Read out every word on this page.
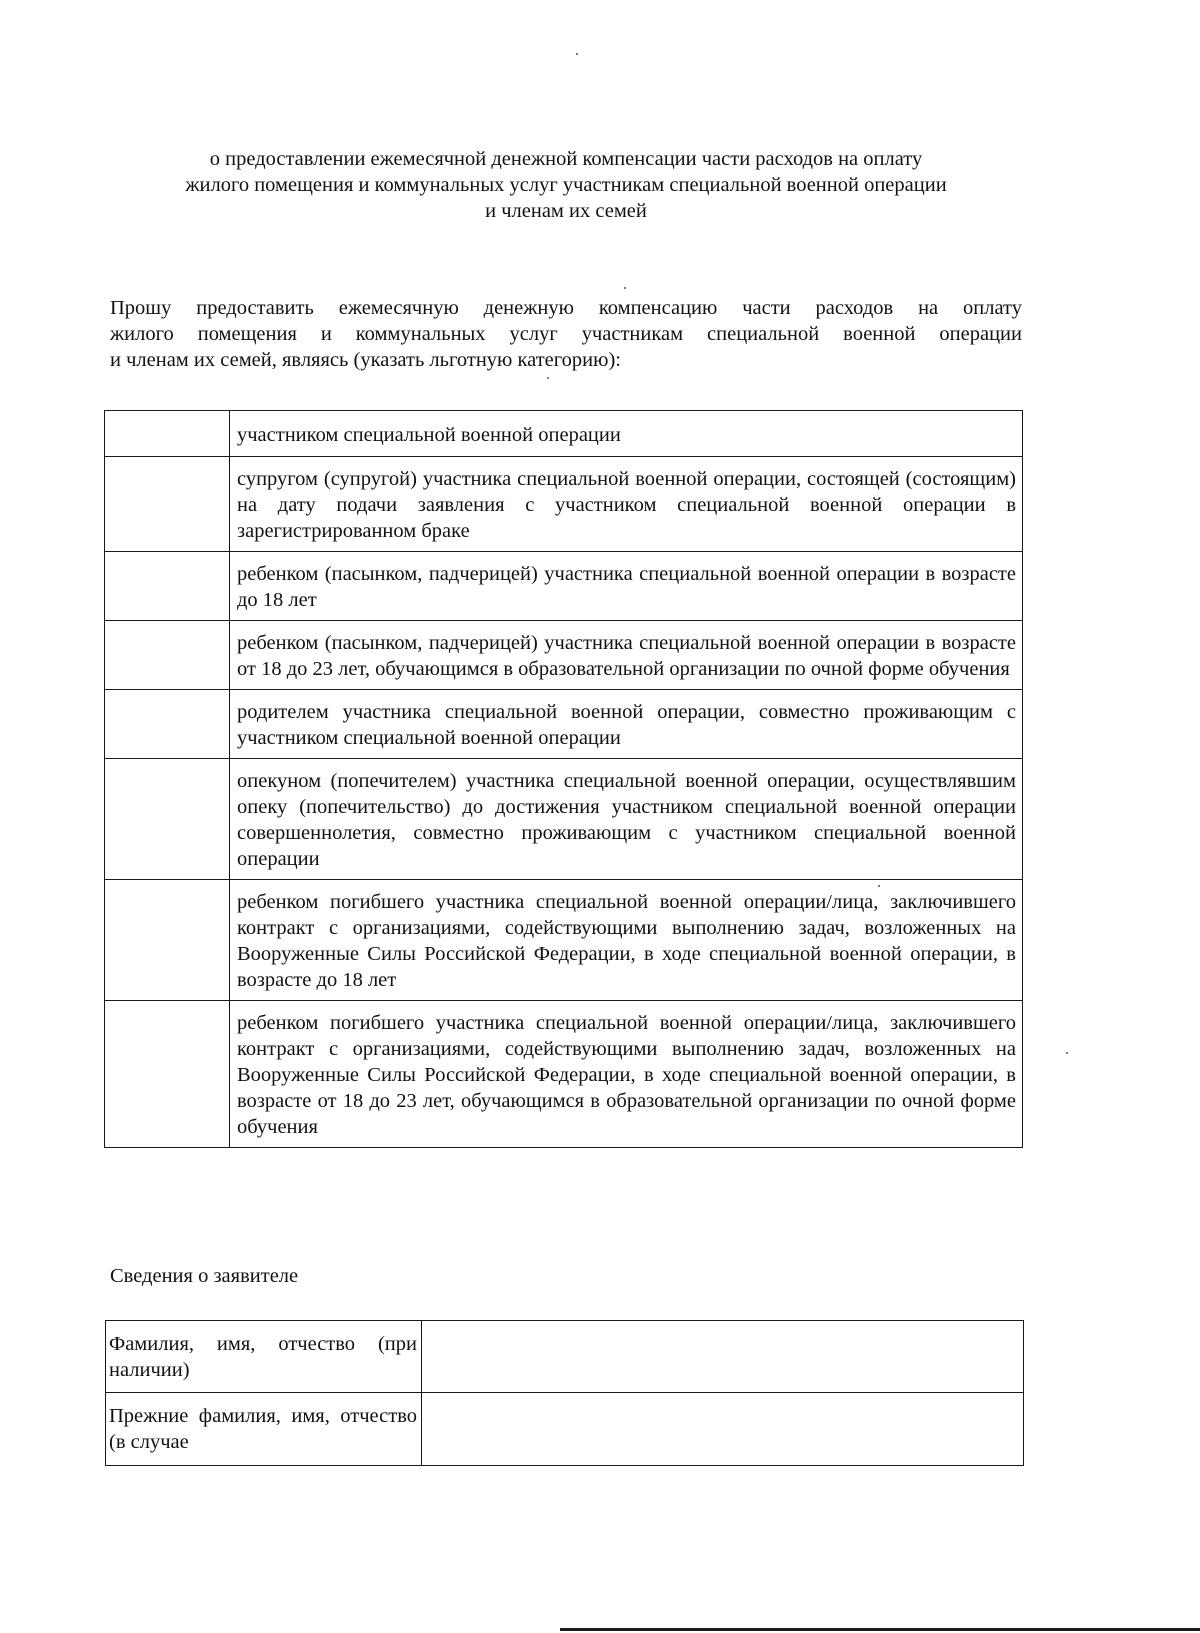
о предоставлении ежемесячной денежной компенсации части расходов на оплату
жилого помещения и коммунальных услуг участникам специальной военной операции
и членам их семей
Прошу предоставить ежемесячную денежную компенсацию части расходов на оплату
жилого помещения и коммунальных услуг участникам специальной военной операции
и членам их семей, являясь (указать льготную категорию):

	участником специальной военной операции

	супругом (супругой) участника специальной военной операции, состоящей (состоящим) на дату подачи заявления с участником специальной военной операции в зарегистрированном браке

	ребенком (пасынком, падчерицей) участника специальной военной операции в возрасте до 18 лет

	ребенком (пасынком, падчерицей) участника специальной военной операции в возрасте от 18 до 23 лет, обучающимся в образовательной организации по очной форме обучения

	родителем участника специальной военной операции, совместно проживающим с участником специальной военной операции

	опекуном (попечителем) участника специальной военной операции, осуществлявшим опеку (попечительство) до достижения участником специальной военной операции совершеннолетия, совместно проживающим с участником специальной военной операции

	ребенком погибшего участника специальной военной операции/лица, заключившего контракт с организациями, содействующими выполнению задач, возложенных на Вооруженные Силы Российской Федерации, в ходе специальной военной операции, в возрасте до 18 лет

	ребенком погибшего участника специальной военной операции/лица, заключившего контракт с организациями, содействующими выполнению задач, возложенных на Вооруженные Силы Российской Федерации, в ходе специальной военной операции, в возрасте от 18 до 23 лет, обучающимся в образовательной организации по очной форме обучения
Сведения о заявителе
Фамилия, имя, отчество (при наличии)	
Прежние фамилия, имя, отчество (в случае	
